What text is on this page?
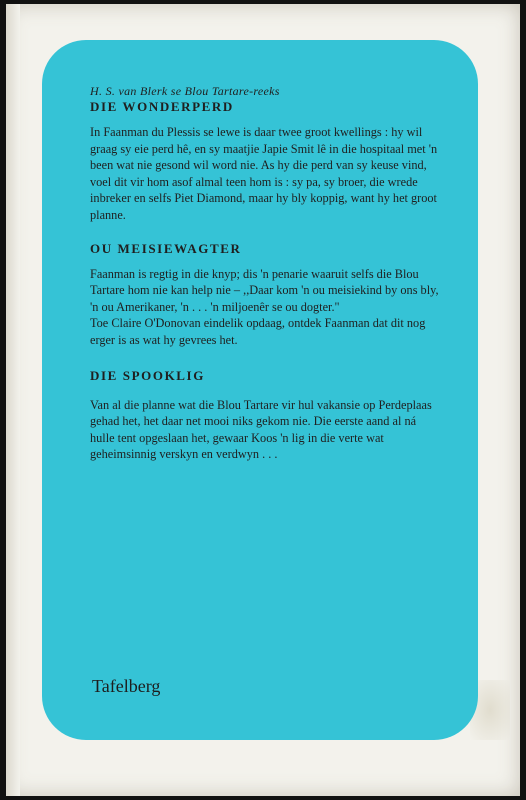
H. S. van Blerk se Blou Tartare-reeks

DIE WONDERPERD

In Faanman du Plessis se lewe is daar twee groot kwellings : hy wil graag sy eie perd hê, en sy maatjie Japie Smit lê in die hospitaal met 'n been wat nie gesond wil word nie. As hy die perd van sy keuse vind, voel dit vir hom asof almal teen hom is : sy pa, sy broer, die wrede inbreker en selfs Piet Diamond, maar hy bly koppig, want hy het groot planne.

OU MEISIEWAGTER

Faanman is regtig in die knyp; dis 'n penarie waaruit selfs die Blou Tartare hom nie kan help nie – ,,Daar kom 'n ou meisiekind by ons bly, 'n ou Amerikaner, 'n . . . 'n miljoenêr se ou dogter."

Toe Claire O'Donovan eindelik opdaag, ontdek Faanman dat dit nog erger is as wat hy gevrees het.

DIE SPOOKLIG

Van al die planne wat die Blou Tartare vir hul vakansie op Perdeplaas gehad het, het daar net mooi niks gekom nie. Die eerste aand al ná hulle tent opgeslaan het, gewaar Koos 'n lig in die verte wat geheimsinnig verskyn en verdwyn . . .

Tafelberg
